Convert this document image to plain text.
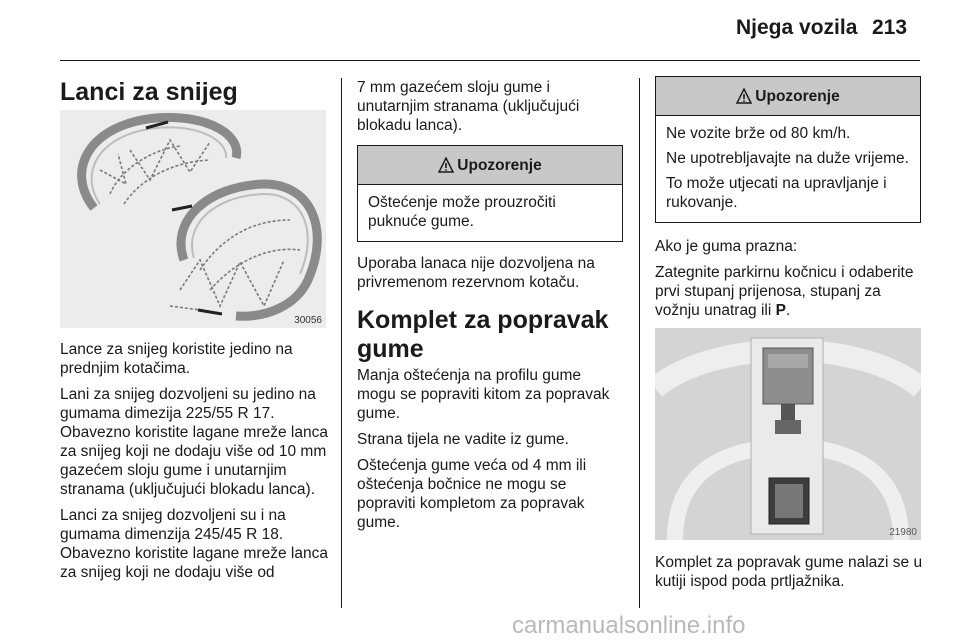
Njega vozila 213
Lanci za snijeg
30056

Lance za snijeg koristite jedino na prednjim kotačima.

Lani za snijeg dozvoljeni su jedino na gumama dimezija 225/55 R 17. Obavezno koristite lagane mreže lanca za snijeg koji ne dodaju više od 10 mm gazećem sloju gume i unutarnjim stranama (uključujući blokadu lanca).

Lanci za snijeg dozvoljeni su i na gumama dimenzija 245/45 R 18. Obavezno koristite lagane mreže lanca za snijeg koji ne dodaju više od

7 mm gazećem sloju gume i unutarnjim stranama (uključujući blokadu lanca).

Upozorenje

Oštećenje može prouzročiti puknuće gume.

Uporaba lanaca nije dozvoljena na privremenom rezervnom kotaču.

Komplet za popravak gume

Manja oštećenja na profilu gume mogu se popraviti kitom za popravak gume.

Strana tijela ne vadite iz gume.

Oštećenja gume veća od 4 mm ili oštećenja bočnice ne mogu se popraviti kompletom za popravak gume.

Upozorenje

Ne vozite brže od 80 km/h.

Ne upotrebljavajte na duže vrijeme.

To može utjecati na upravljanje i rukovanje.

Ako je guma prazna:

Zategnite parkirnu kočnicu i odaberite prvi stupanj prijenosa, stupanj za vožnju unatrag ili P.

21980

Komplet za popravak gume nalazi se u kutiji ispod poda prtljažnika.

carmanualsonline.info
